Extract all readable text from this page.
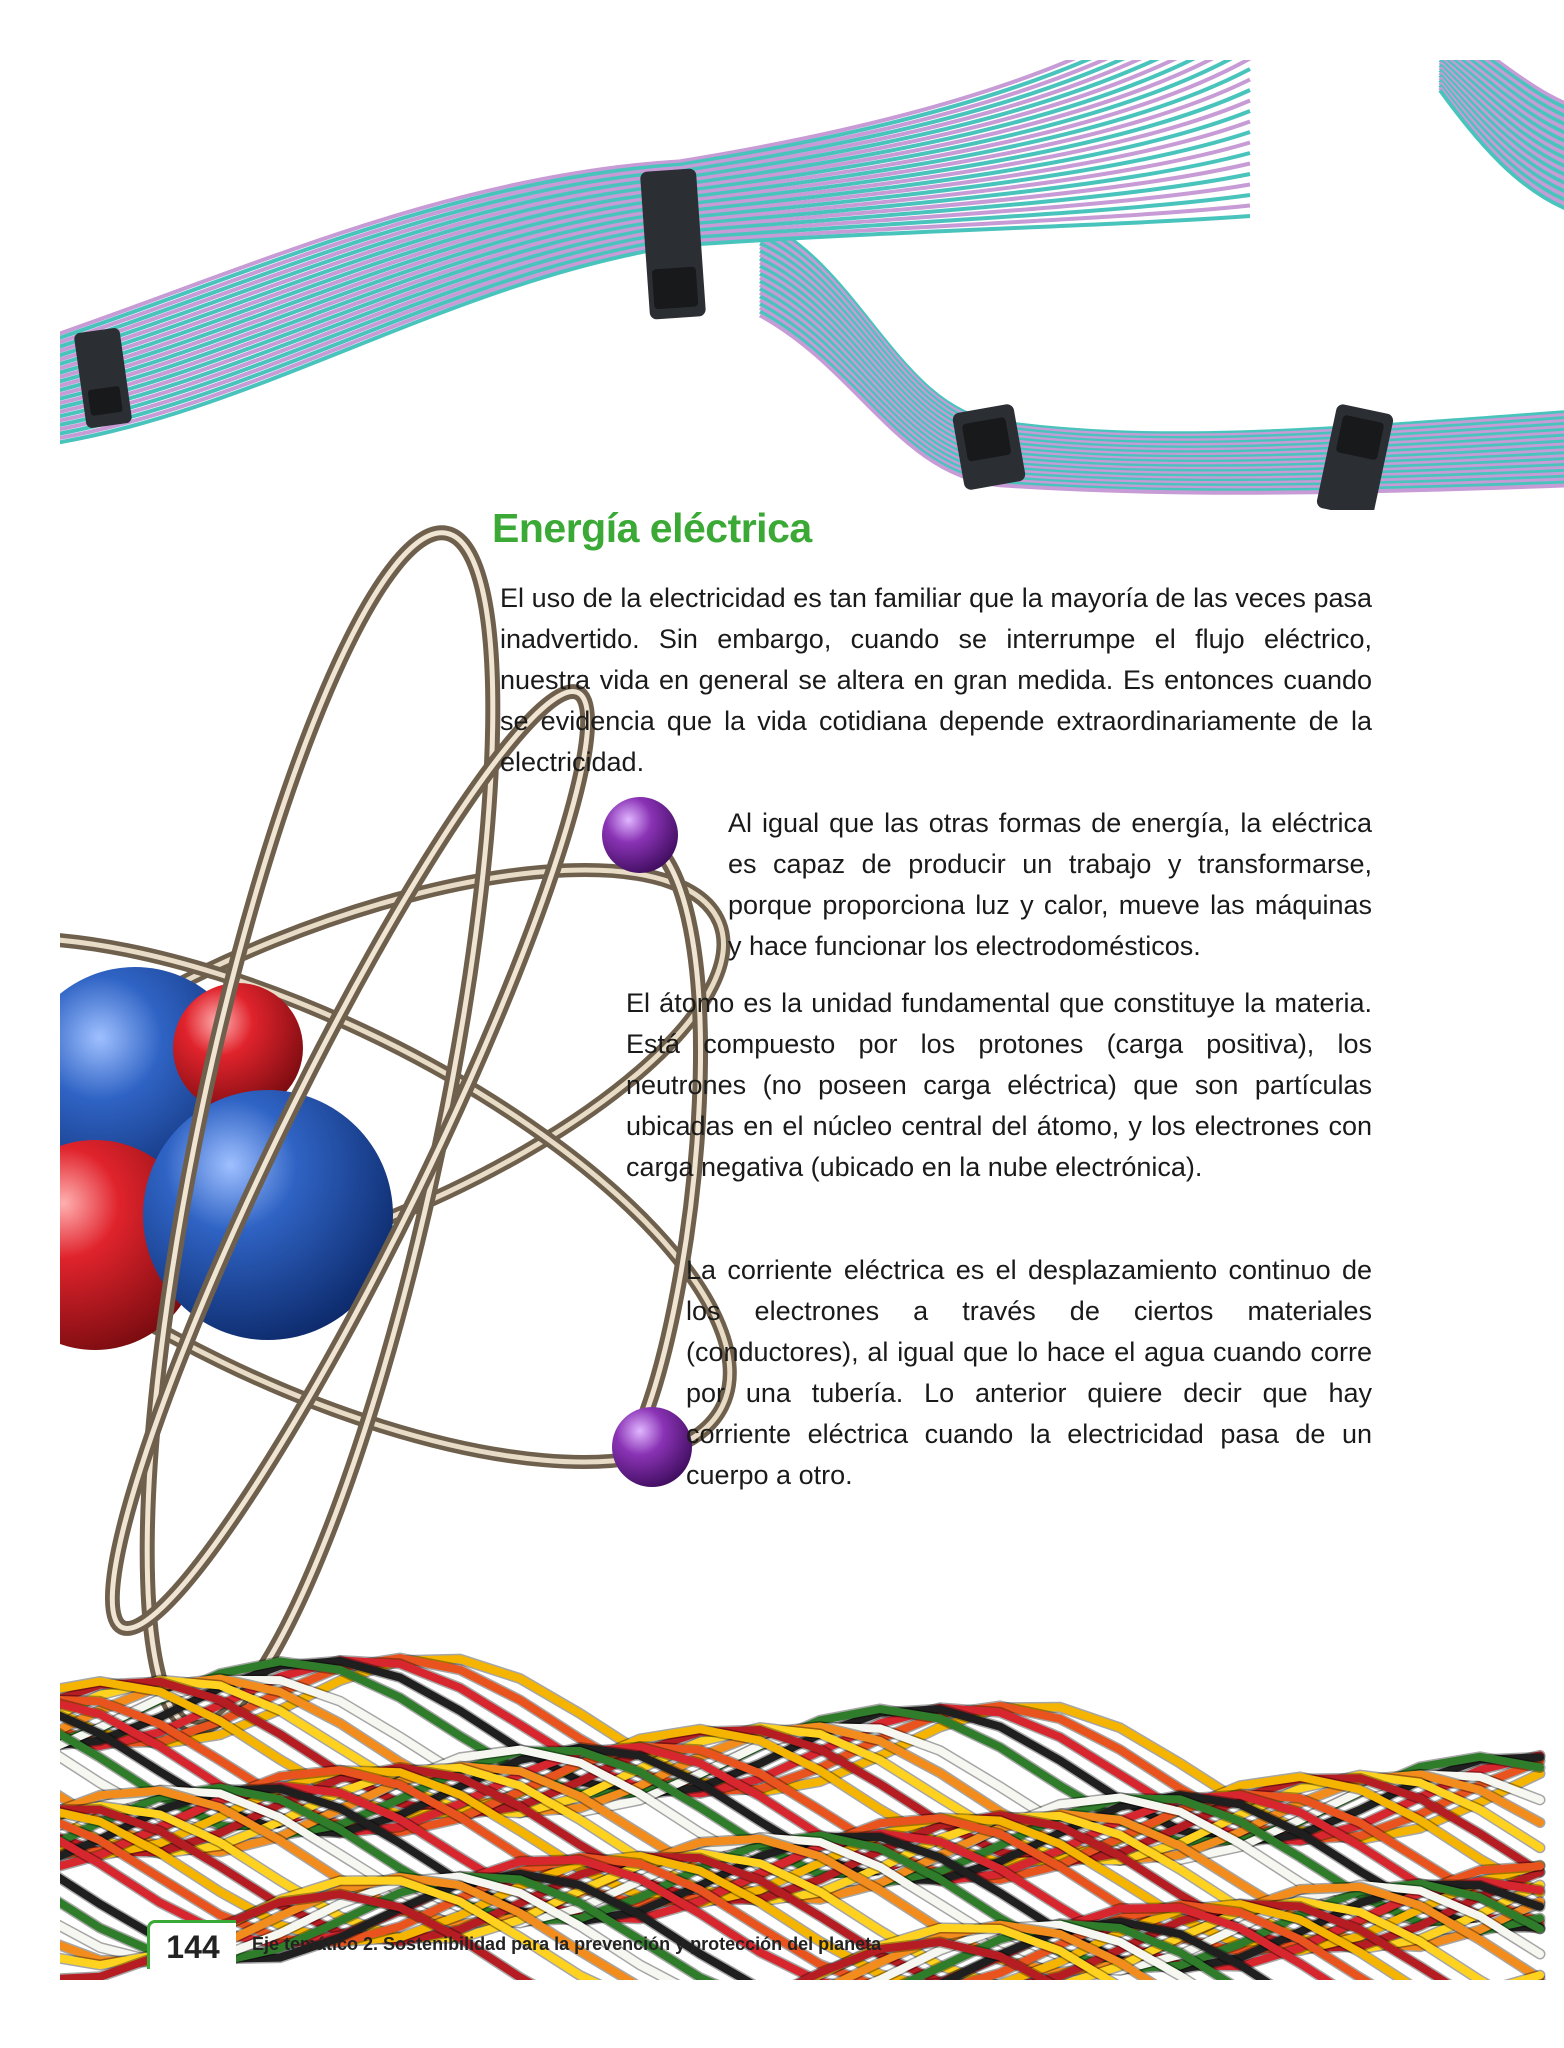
Energía eléctrica

El uso de la electricidad es tan familiar que la mayoría de las veces pasa inadvertido. Sin embargo, cuando se interrumpe el flujo eléctrico, nuestra vida en general se altera en gran medida. Es entonces cuando se evidencia que la vida cotidiana depende extraordinariamente de la electricidad.

Al igual que las otras formas de energía, la eléctrica es capaz de producir un trabajo y transformarse, porque proporciona luz y calor, mueve las máquinas y hace funcionar los electrodomésticos.

El átomo es la unidad fundamental que constituye la materia. Está compuesto por los protones (carga positiva), los neutrones (no poseen carga eléctrica) que son partículas ubicadas en el núcleo central del átomo, y los electrones con carga negativa (ubicado en la nube electrónica).

La corriente eléctrica es el desplazamiento continuo de los electrones a través de ciertos materiales (conductores), al igual que lo hace el agua cuando corre por una tubería. Lo anterior quiere decir que hay corriente eléctrica cuando la electricidad pasa de un cuerpo a otro.

144	Eje temático 2. Sostenibilidad para la prevención y protección del planeta
